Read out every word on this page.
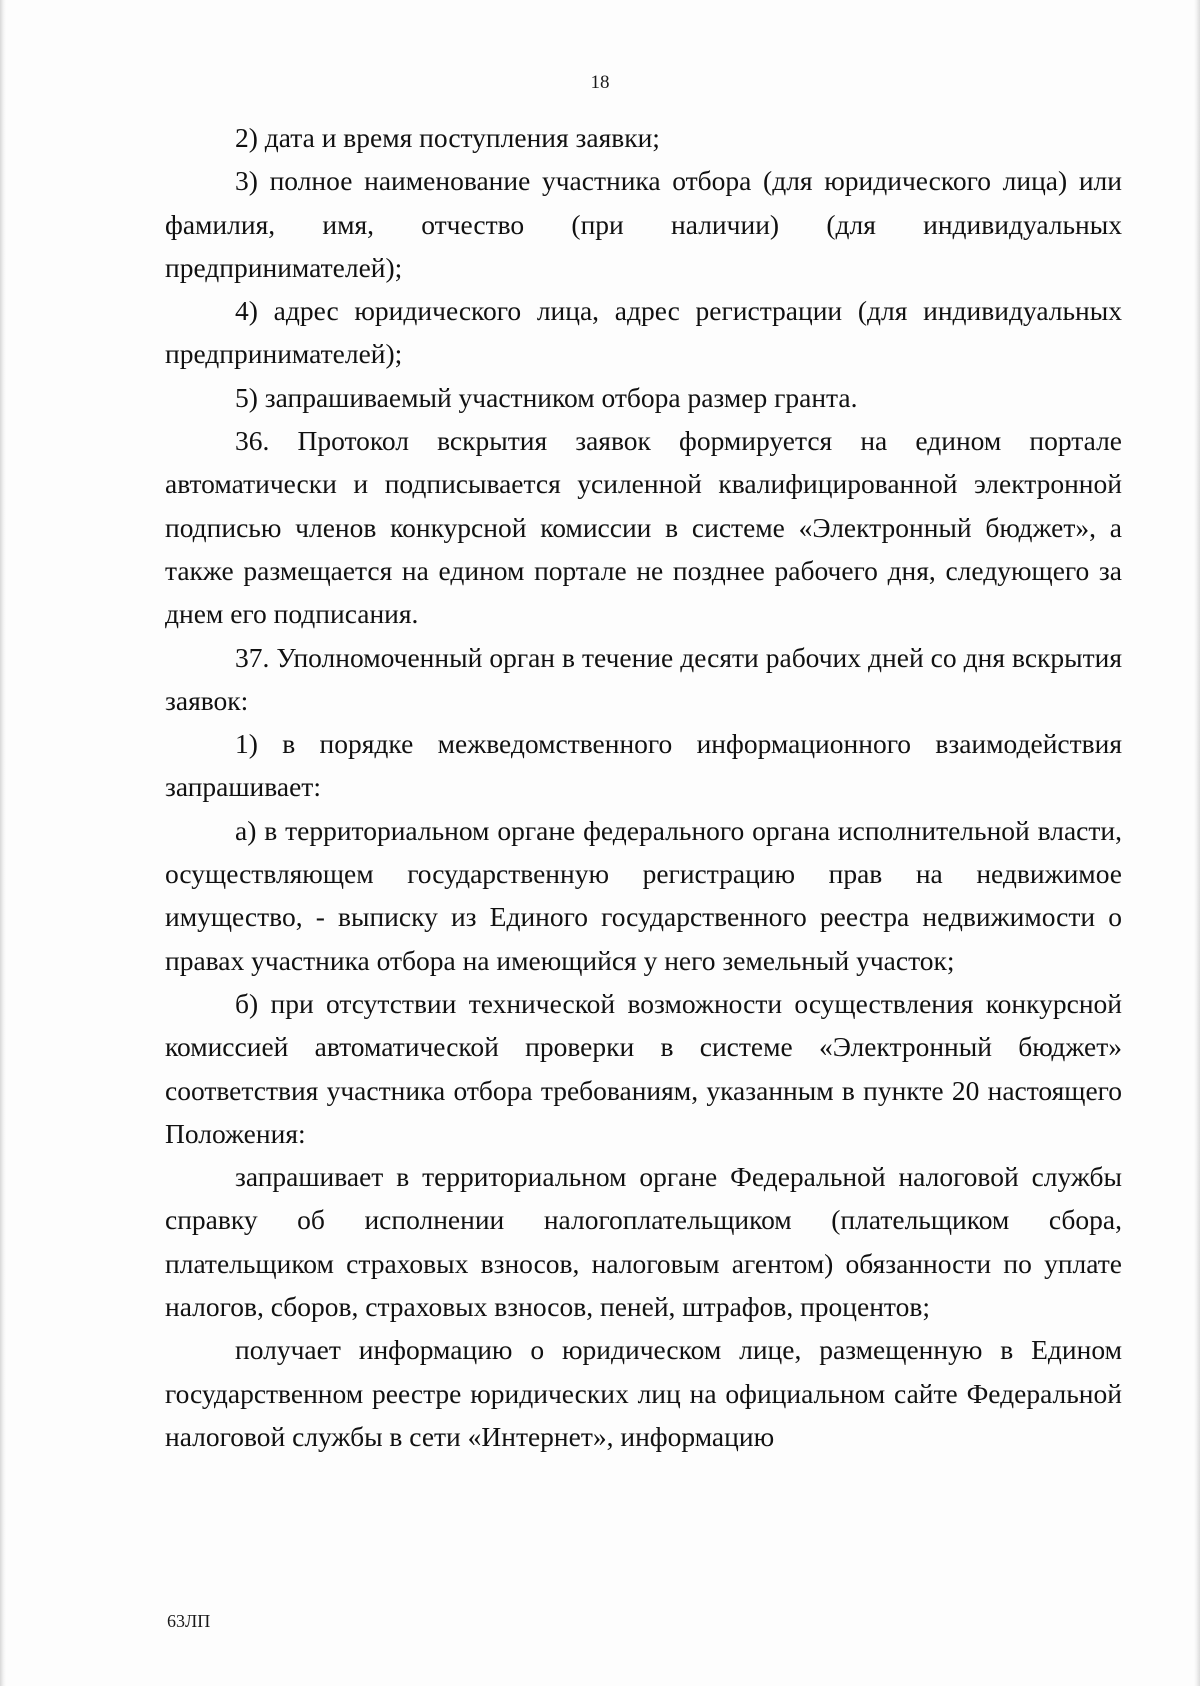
18

2) дата и время поступления заявки;

3) полное наименование участника отбора (для юридического лица) или фамилия, имя, отчество (при наличии) (для индивидуальных предпринимателей);

4) адрес юридического лица, адрес регистрации (для индивидуальных предпринимателей);

5) запрашиваемый участником отбора размер гранта.

36. Протокол вскрытия заявок формируется на едином портале автоматически и подписывается усиленной квалифицированной электронной подписью членов конкурсной комиссии в системе «Электронный бюджет», а также размещается на едином портале не позднее рабочего дня, следующего за днем его подписания.

37. Уполномоченный орган в течение десяти рабочих дней со дня вскрытия заявок:

1) в порядке межведомственного информационного взаимодействия запрашивает:

а) в территориальном органе федерального органа исполнительной власти, осуществляющем государственную регистрацию прав на недвижимое имущество, - выписку из Единого государственного реестра недвижимости о правах участника отбора на имеющийся у него земельный участок;

б) при отсутствии технической возможности осуществления конкурсной комиссией автоматической проверки в системе «Электронный бюджет» соответствия участника отбора требованиям, указанным в пункте 20 настоящего Положения:

запрашивает в территориальном органе Федеральной налоговой службы справку об исполнении налогоплательщиком (плательщиком сбора, плательщиком страховых взносов, налоговым агентом) обязанности по уплате налогов, сборов, страховых взносов, пеней, штрафов, процентов;

получает информацию о юридическом лице, размещенную в Едином государственном реестре юридических лиц на официальном сайте Федеральной налоговой службы в сети «Интернет», информацию

63ЛП
